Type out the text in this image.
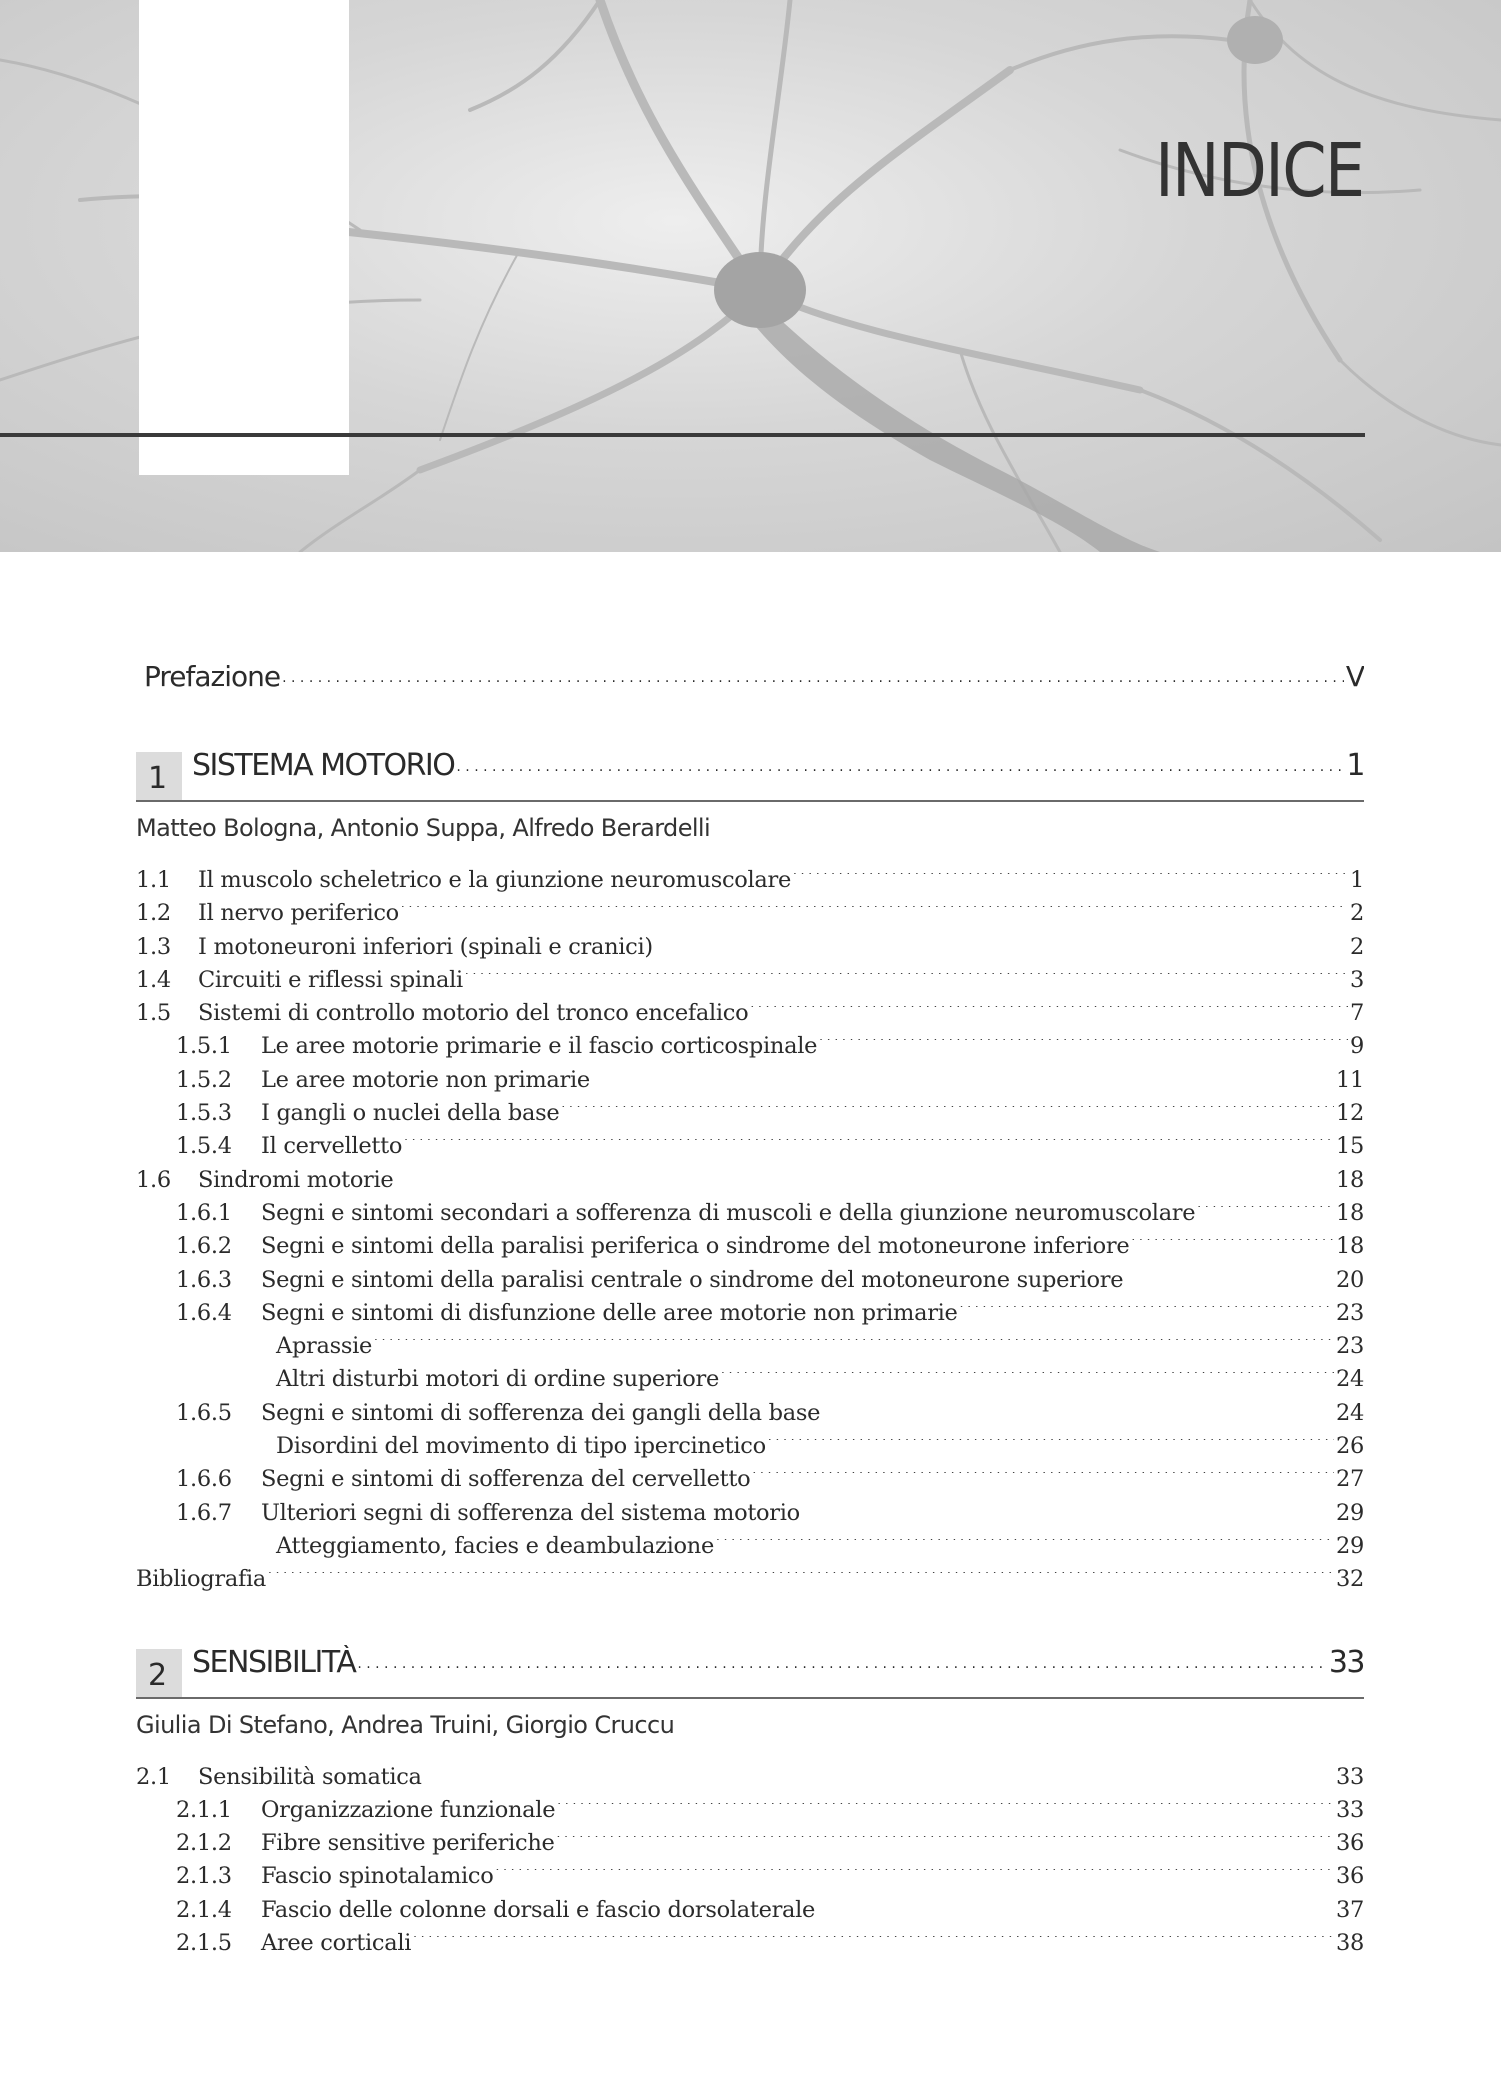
INDICE
Prefazione . . .	V
1 SISTEMA MOTORIO . . .	1
Matteo Bologna, Antonio Suppa, Alfredo Berardelli
1.1	Il muscolo scheletrico e la giunzione neuromuscolare . . .	1
1.2	Il nervo periferico . . .	2
1.3	I motoneuroni inferiori (spinali e cranici) . . .	2
1.4	Circuiti e riflessi spinali . . .	3
1.5	Sistemi di controllo motorio del tronco encefalico . . .	7
1.5.1	Le aree motorie primarie e il fascio corticospinale . . .	9
1.5.2	Le aree motorie non primarie . . .	11
1.5.3	I gangli o nuclei della base . . .	12
1.5.4	Il cervelletto . . .	15
1.6	Sindromi motorie . . .	18
1.6.1	Segni e sintomi secondari a sofferenza di muscoli e della giunzione neuromuscolare . . .	18
1.6.2	Segni e sintomi della paralisi periferica o sindrome del motoneurone inferiore . . .	18
1.6.3	Segni e sintomi della paralisi centrale o sindrome del motoneurone superiore . . .	20
1.6.4	Segni e sintomi di disfunzione delle aree motorie non primarie . . .	23
Aprassie . . .	23
Altri disturbi motori di ordine superiore . . .	24
1.6.5	Segni e sintomi di sofferenza dei gangli della base . . .	24
Disordini del movimento di tipo ipercinetico . . .	26
1.6.6	Segni e sintomi di sofferenza del cervelletto . . .	27
1.6.7	Ulteriori segni di sofferenza del sistema motorio . . .	29
Atteggiamento, facies e deambulazione . . .	29
Bibliografia . . .	32
2 SENSIBILITÀ . . .	33
Giulia Di Stefano, Andrea Truini, Giorgio Cruccu
2.1	Sensibilità somatica . . .	33
2.1.1	Organizzazione funzionale . . .	33
2.1.2	Fibre sensitive periferiche . . .	36
2.1.3	Fascio spinotalamico . . .	36
2.1.4	Fascio delle colonne dorsali e fascio dorsolaterale . . .	37
2.1.5	Aree corticali . . .	38
